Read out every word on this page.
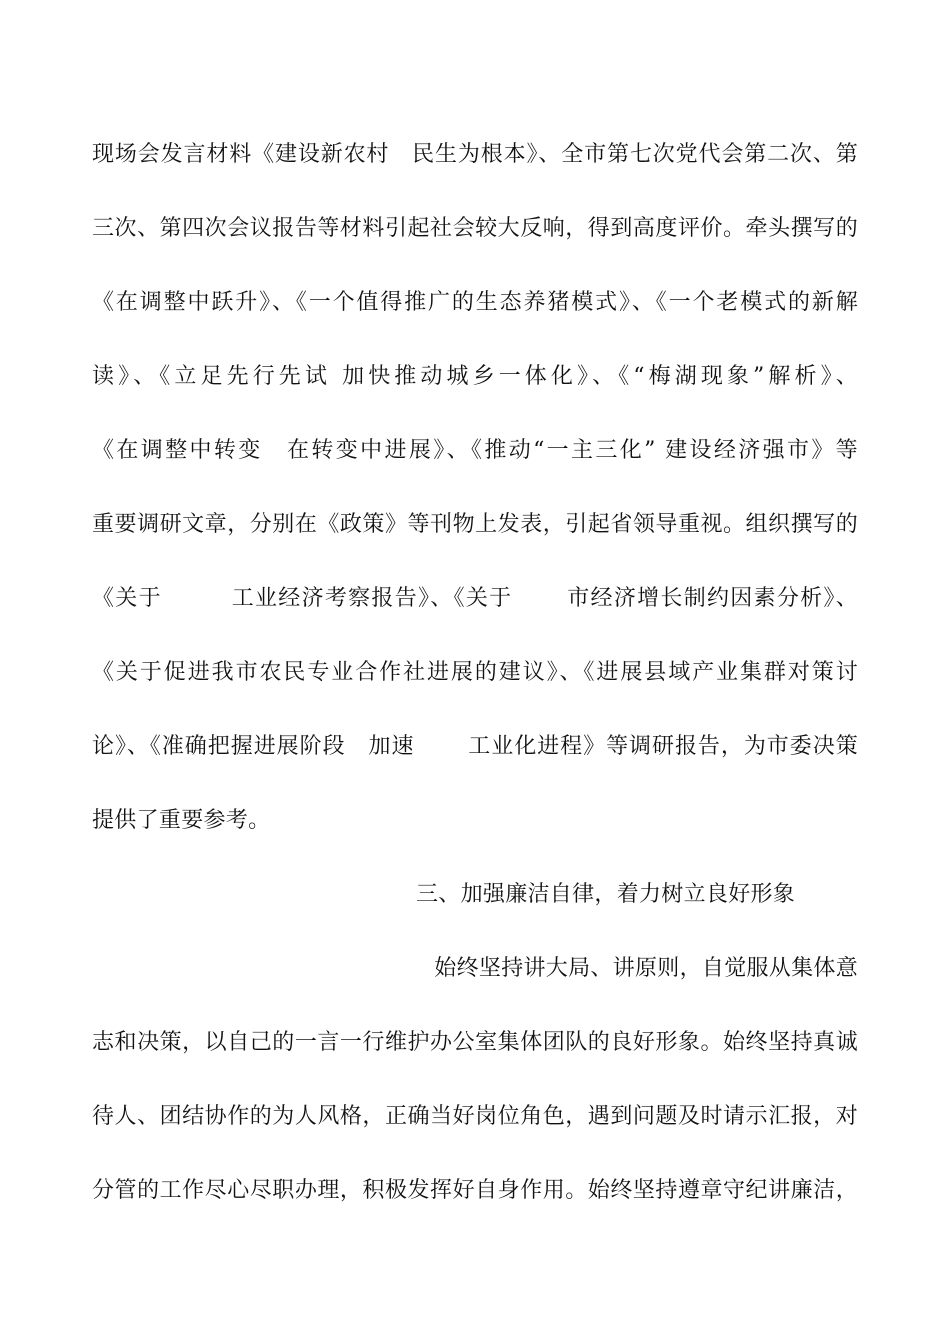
现场会发言材料《建设新农村　民生为根本》、全市第七次党代会第二次、第
三次、第四次会议报告等材料引起社会较大反响，得到高度评价。牵头撰写的
《在调整中跃升》、《一个值得推广的生态养猪模式》、《一个老模式的新解
读》、《立足先行先试 加快推动城乡一体化》、《“梅湖现象”解析》、
《在调整中转变　在转变中进展》、《推动“一主三化” 建设经济强市》等
重要调研文章，分别在《政策》等刊物上发表，引起省领导重视。组织撰写的
《关于　　　工业经济考察报告》、《关于　　 市经济增长制约因素分析》、
《关于促进我市农民专业合作社进展的建议》、《进展县域产业集群对策讨
论》、《准确把握进展阶段　加速　　 工业化进程》等调研报告，为市委决策
提供了重要参考。
三、加强廉洁自律，着力树立良好形象
始终坚持讲大局、讲原则，自觉服从集体意
志和决策，以自己的一言一行维护办公室集体团队的良好形象。始终坚持真诚
待人、团结协作的为人风格，正确当好岗位角色，遇到问题及时请示汇报，对
分管的工作尽心尽职办理，积极发挥好自身作用。始终坚持遵章守纪讲廉洁，
